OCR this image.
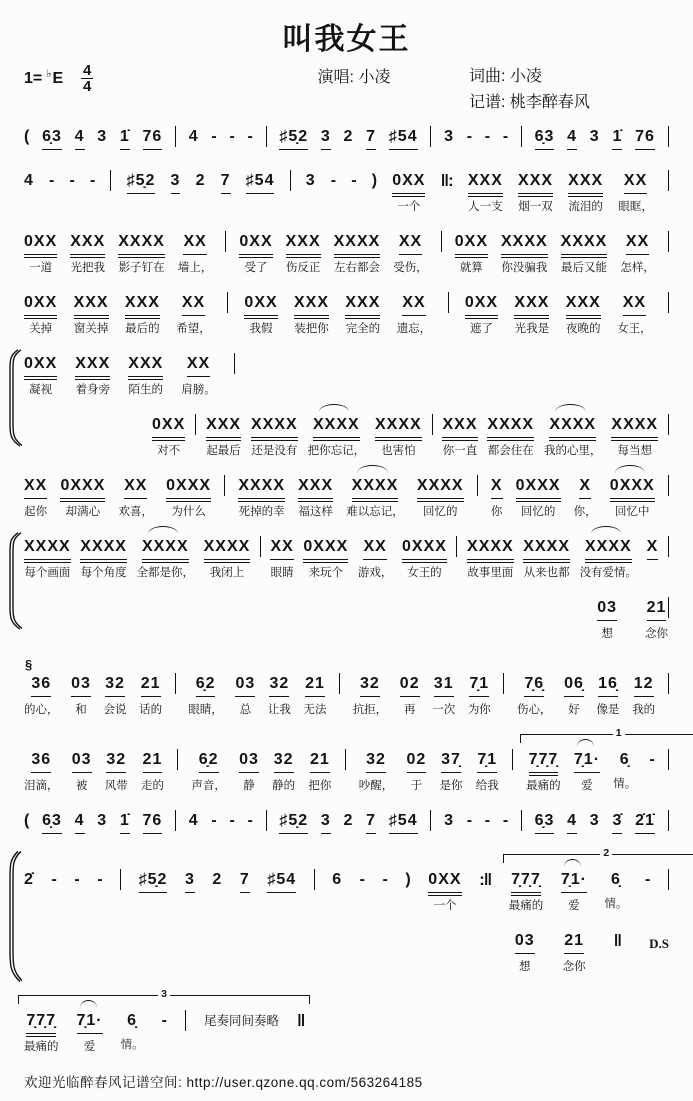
叫我女王
1= ♭ E 4
4
演唱: 小凌	词曲: 小凌
记谱: 桃李醉春风
( 6̣3 4 3 1̇ 76 4 - - - ♯5̣2 3 2 7 ♯54 3 - - - 6̣3 4 3 1̇ 76
4 - - - ♯5̣2 3 2 7 ♯54 3 - - ) 0XX
一个
‖: XXX
人一支
XXX
烟一双
XXX
流泪的
XX
眼眶，
0XX
一道
XXX
光把我
XXXX
影子钉在
XX
墙上，
0XX
受了
XXX
伤反正
XXXX
左右都会
XX
受伤，
0XX
就算
XXXX
你没骗我
XXXX
最后又能
XX
怎样，
0XX
关掉
XXX
窗关掉
XXX
最后的
XX
希望，
0XX
我假
XXX
装把你
XXX
完全的
XX
遗忘，
0XX
遮了
XXX
光我是
XXX
夜晚的
XX
女王，
0XX
凝视
XXX
着身旁
XXX
陌生的
XX
肩膀。
0XX
对不
XXX
起最后
XXXX
还是没有
XXXX
把你忘记，
XXXX
也害怕
XXX
你一直
XXXX
都会住在
XXXX
我的心里，
XXXX
每当想
XX
起你
0XXX
却满心
XX
欢喜，
0XXX
为什么
XXXX
死掉的幸
XXX
福这样
XXXX
难以忘记，
XXXX
回忆的
X
你
0XXX
回忆的
X
你，
0XXX
回忆中
XXXX
每个画面
XXXX
每个角度
XXXX
全都是你，
XXXX
我闭上
XX
眼睛
0XXX
来玩个
XX
游戏，
0XXX
女王的
XXXX
故事里面
XXXX
从来也都
XXXX
没有爱情。
X
03
想
21
念你
§
36
的心，
03
和
32
会说
21
话的
6̣2
眼睛，
03
总
32
让我
21
无法
32
抗拒，
02
再
31
一次
7̣1
为你
7̣6̣
伤心，
06̣
好
16̣
像是
12
我的
36
泪滴，
03
被
32
风带
21
走的
6̣2
声音，
03
静
32
静的
21
把你
32
吵醒，
02
于
37̣
是你
7̣1
给我
1
7̣7̣7̣
最痛的
7̣1·
爱
6̣
情。
-
( 6̣3 4 3 1̇ 76 4 - - - ♯5̣2 3 2 7 ♯54 3 - - - 6̣3 4 3 3̇ 2̇1̇
2̇ - - - ♯5̣2 3 2 7 ♯54 6 - - ) 0XX
一个
:‖
2
7̣7̣7̣
最痛的
7̣1·
爱
6̣
情。
-
03
想
21
念你
‖ D.S
3
7̣7̣7̣
最痛的
7̣1·
爱
6̣
情。
-	尾奏同间奏略 ‖
欢迎光临醉春风记谱空间: http://user.qzone.qq.com/563264185
